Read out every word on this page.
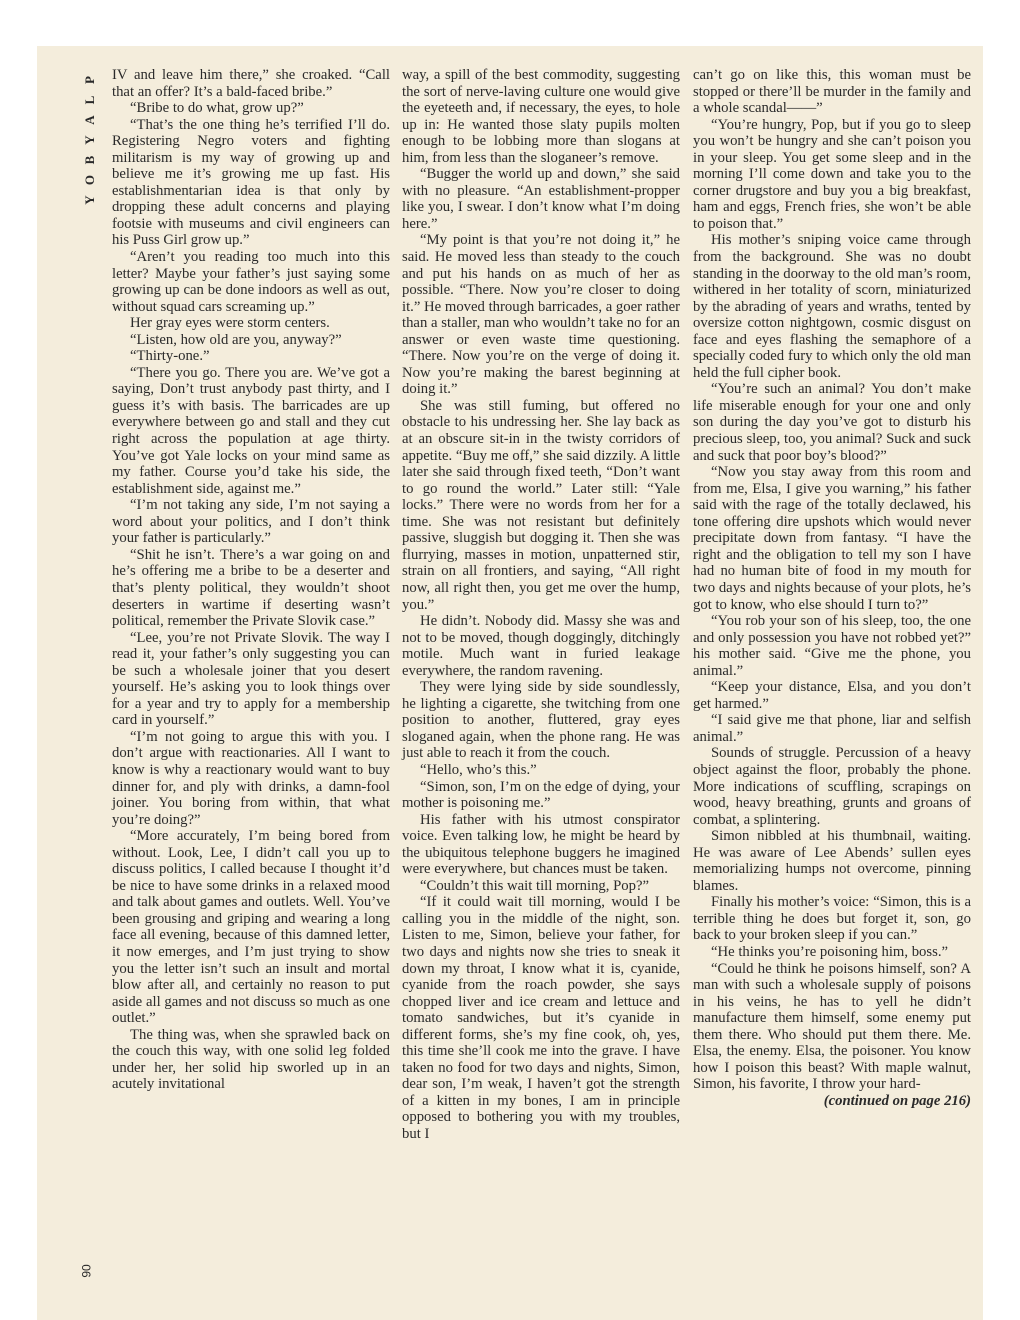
P
L
A
Y
B
O
Y
90

IV and leave him there,” she croaked. “Call that an offer? It’s a bald-faced bribe.”

“Bribe to do what, grow up?”

“That’s the one thing he’s terrified I’ll do. Registering Negro voters and fighting militarism is my way of growing up and believe me it’s growing me up fast. His establishmentarian idea is that only by dropping these adult concerns and playing footsie with museums and civil engineers can his Puss Girl grow up.”

“Aren’t you reading too much into this letter? Maybe your father’s just saying some growing up can be done indoors as well as out, without squad cars screaming up.”

Her gray eyes were storm centers.

“Listen, how old are you, anyway?”

“Thirty-one.”

“There you go. There you are. We’ve got a saying, Don’t trust anybody past thirty, and I guess it’s with basis. The barricades are up everywhere between go and stall and they cut right across the population at age thirty. You’ve got Yale locks on your mind same as my father. Course you’d take his side, the establishment side, against me.”

“I’m not taking any side, I’m not saying a word about your politics, and I don’t think your father is particularly.”

“Shit he isn’t. There’s a war going on and he’s offering me a bribe to be a deserter and that’s plenty political, they wouldn’t shoot deserters in wartime if deserting wasn’t political, remember the Private Slovik case.”

“Lee, you’re not Private Slovik. The way I read it, your father’s only suggesting you can be such a wholesale joiner that you desert yourself. He’s asking you to look things over for a year and try to apply for a membership card in yourself.”

“I’m not going to argue this with you. I don’t argue with reactionaries. All I want to know is why a reactionary would want to buy dinner for, and ply with drinks, a damn-fool joiner. You boring from within, that what you’re doing?”

“More accurately, I’m being bored from without. Look, Lee, I didn’t call you up to discuss politics, I called because I thought it’d be nice to have some drinks in a relaxed mood and talk about games and outlets. Well. You’ve been grousing and griping and wearing a long face all evening, because of this damned letter, it now emerges, and I’m just trying to show you the letter isn’t such an insult and mortal blow after all, and certainly no reason to put aside all games and not discuss so much as one outlet.”

The thing was, when she sprawled back on the couch this way, with one solid leg folded under her, her solid hip sworled up in an acutely invitational

way, a spill of the best commodity, suggesting the sort of nerve-laving culture one would give the eyeteeth and, if necessary, the eyes, to hole up in: He wanted those slaty pupils molten enough to be lobbing more than slogans at him, from less than the sloganeer’s remove.

“Bugger the world up and down,” she said with no pleasure. “An establishment-propper like you, I swear. I don’t know what I’m doing here.”

“My point is that you’re not doing it,” he said. He moved less than steady to the couch and put his hands on as much of her as possible. “There. Now you’re closer to doing it.” He moved through barricades, a goer rather than a staller, man who wouldn’t take no for an answer or even waste time questioning. “There. Now you’re on the verge of doing it. Now you’re making the barest beginning at doing it.”

She was still fuming, but offered no obstacle to his undressing her. She lay back as at an obscure sit-in in the twisty corridors of appetite. “Buy me off,” she said dizzily. A little later she said through fixed teeth, “Don’t want to go round the world.” Later still: “Yale locks.” There were no words from her for a time. She was not resistant but definitely passive, sluggish but dogging it. Then she was flurrying, masses in motion, unpatterned stir, strain on all frontiers, and saying, “All right now, all right then, you get me over the hump, you.”

He didn’t. Nobody did. Massy she was and not to be moved, though doggingly, ditchingly motile. Much want in furied leakage everywhere, the random ravening.

They were lying side by side soundlessly, he lighting a cigarette, she twitching from one position to another, fluttered, gray eyes sloganed again, when the phone rang. He was just able to reach it from the couch.

“Hello, who’s this.”

“Simon, son, I’m on the edge of dying, your mother is poisoning me.”

His father with his utmost conspirator voice. Even talking low, he might be heard by the ubiquitous telephone buggers he imagined were everywhere, but chances must be taken.

“Couldn’t this wait till morning, Pop?”

“If it could wait till morning, would I be calling you in the middle of the night, son. Listen to me, Simon, believe your father, for two days and nights now she tries to sneak it down my throat, I know what it is, cyanide, cyanide from the roach powder, she says chopped liver and ice cream and lettuce and tomato sandwiches, but it’s cyanide in different forms, she’s my fine cook, oh, yes, this time she’ll cook me into the grave. I have taken no food for two days and nights, Simon, dear son, I’m weak, I haven’t got the strength of a kitten in my bones, I am in principle opposed to bothering you with my troubles, but I

can’t go on like this, this woman must be stopped or there’ll be murder in the family and a whole scandal——”

“You’re hungry, Pop, but if you go to sleep you won’t be hungry and she can’t poison you in your sleep. You get some sleep and in the morning I’ll come down and take you to the corner drugstore and buy you a big breakfast, ham and eggs, French fries, she won’t be able to poison that.”

His mother’s sniping voice came through from the background. She was no doubt standing in the doorway to the old man’s room, withered in her totality of scorn, miniaturized by the abrading of years and wraths, tented by oversize cotton nightgown, cosmic disgust on face and eyes flashing the semaphore of a specially coded fury to which only the old man held the full cipher book.

“You’re such an animal? You don’t make life miserable enough for your one and only son during the day you’ve got to disturb his precious sleep, too, you animal? Suck and suck and suck that poor boy’s blood?”

“Now you stay away from this room and from me, Elsa, I give you warning,” his father said with the rage of the totally declawed, his tone offering dire upshots which would never precipitate down from fantasy. “I have the right and the obligation to tell my son I have had no human bite of food in my mouth for two days and nights because of your plots, he’s got to know, who else should I turn to?”

“You rob your son of his sleep, too, the one and only possession you have not robbed yet?” his mother said. “Give me the phone, you animal.”

“Keep your distance, Elsa, and you don’t get harmed.”

“I said give me that phone, liar and selfish animal.”

Sounds of struggle. Percussion of a heavy object against the floor, probably the phone. More indications of scuffling, scrapings on wood, heavy breathing, grunts and groans of combat, a splintering.

Simon nibbled at his thumbnail, waiting. He was aware of Lee Abends’ sullen eyes memorializing humps not overcome, pinning blames.

Finally his mother’s voice: “Simon, this is a terrible thing he does but forget it, son, go back to your broken sleep if you can.”

“He thinks you’re poisoning him, boss.”

“Could he think he poisons himself, son? A man with such a wholesale supply of poisons in his veins, he has to yell he didn’t manufacture them himself, some enemy put them there. Who should put them there. Me. Elsa, the enemy. Elsa, the poisoner. You know how I poison this beast? With maple walnut, Simon, his favorite, I throw your hard-

(continued on page 216)
